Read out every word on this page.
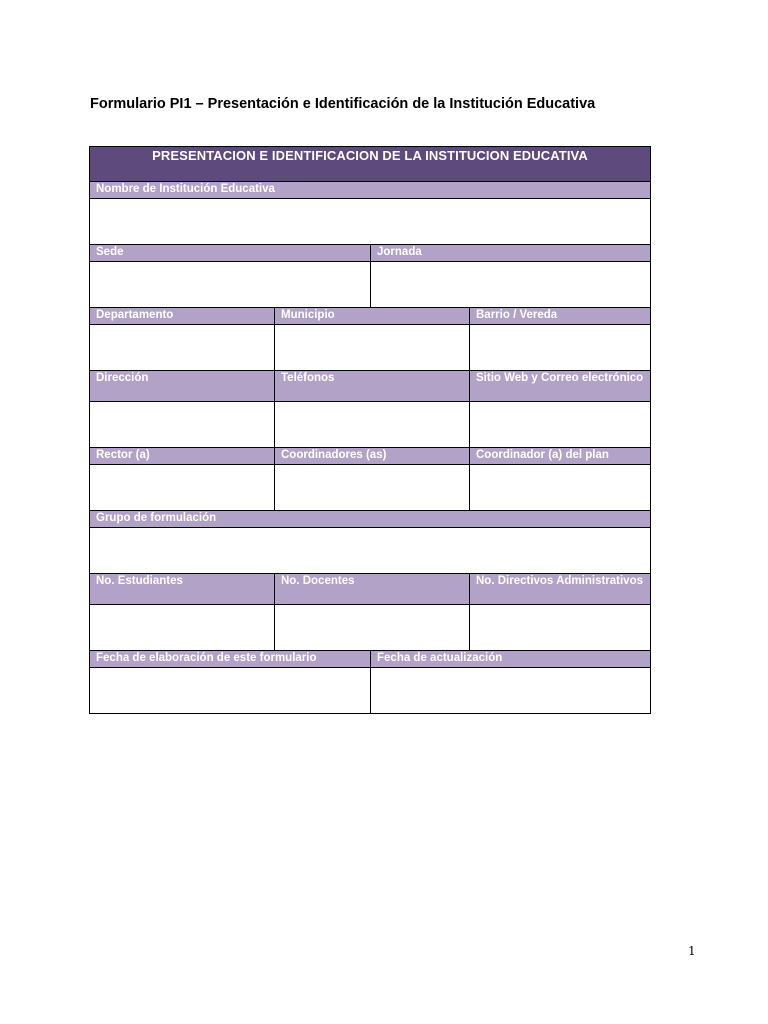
Formulario PI1 – Presentación e Identificación de la Institución Educativa
PRESENTACION E IDENTIFICACION DE LA INSTITUCION EDUCATIVA
Nombre de Institución Educativa
Sede	Jornada
Departamento	Municipio	Barrio / Vereda
Dirección	Teléfonos	Sitio Web y Correo electrónico
Rector (a)	Coordinadores (as)	Coordinador (a) del plan
Grupo de formulación
No. Estudiantes	No. Docentes	No. Directivos Administrativos
Fecha de elaboración de este formulario	Fecha de actualización
1
